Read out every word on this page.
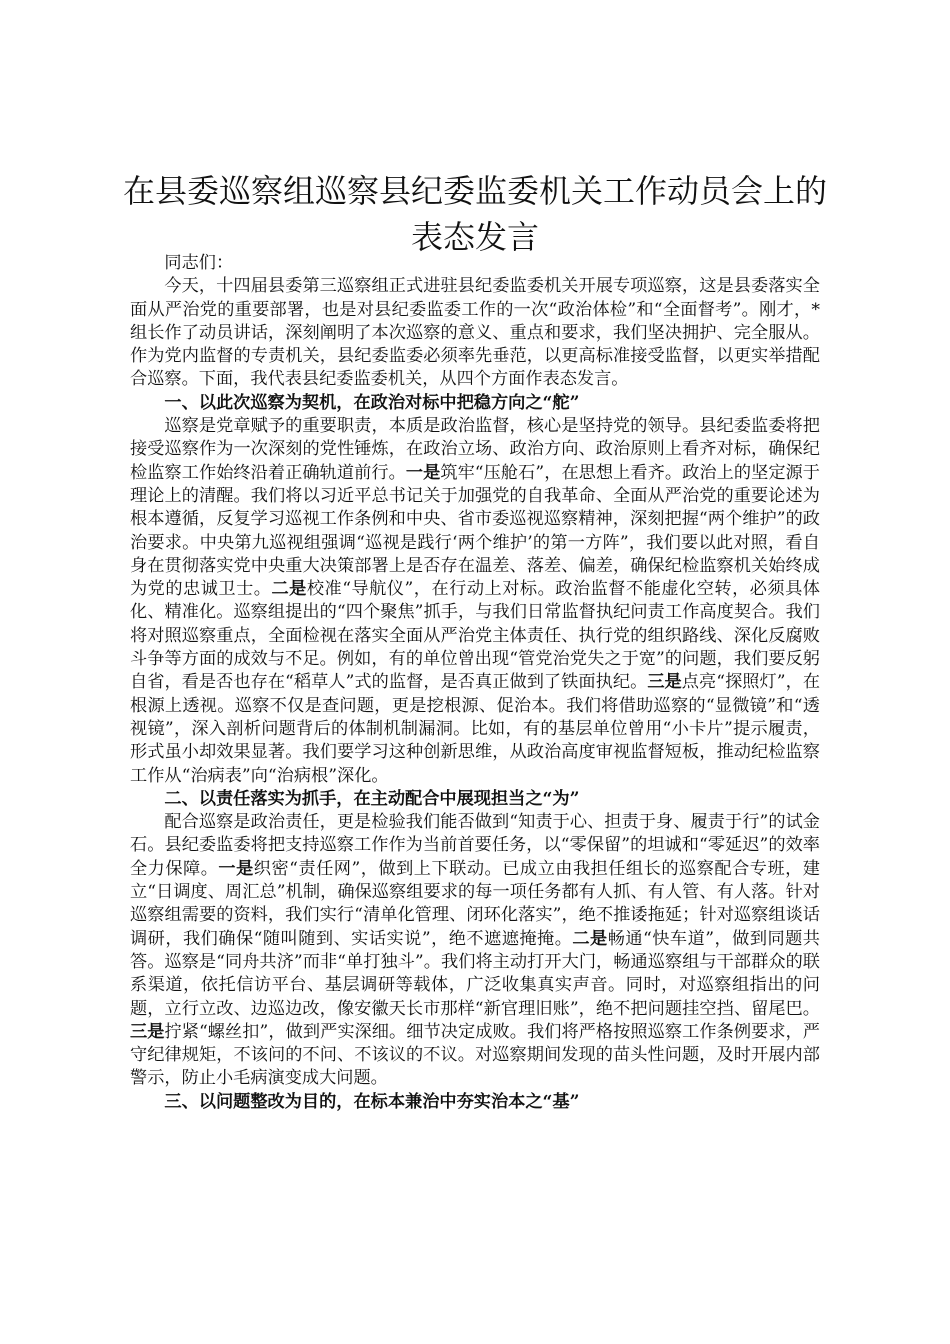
在县委巡察组巡察县纪委监委机关工作动员会上的表态发言

同志们：

今天，十四届县委第三巡察组正式进驻县纪委监委机关开展专项巡察，这是县委落实全面从严治党的重要部署，也是对县纪委监委工作的一次“政治体检”和“全面督考”。刚才，*组长作了动员讲话，深刻阐明了本次巡察的意义、重点和要求，我们坚决拥护、完全服从。作为党内监督的专责机关，县纪委监委必须率先垂范，以更高标准接受监督，以更实举措配合巡察。下面，我代表县纪委监委机关，从四个方面作表态发言。

一、以此次巡察为契机，在政治对标中把稳方向之“舵”

巡察是党章赋予的重要职责，本质是政治监督，核心是坚持党的领导。县纪委监委将把接受巡察作为一次深刻的党性锤炼，在政治立场、政治方向、政治原则上看齐对标，确保纪检监察工作始终沿着正确轨道前行。一是筑牢“压舱石”，在思想上看齐。政治上的坚定源于理论上的清醒。我们将以习近平总书记关于加强党的自我革命、全面从严治党的重要论述为根本遵循，反复学习巡视工作条例和中央、省市委巡视巡察精神，深刻把握“两个维护”的政治要求。中央第九巡视组强调“巡视是践行‘两个维护’的第一方阵”，我们要以此对照，看自身在贯彻落实党中央重大决策部署上是否存在温差、落差、偏差，确保纪检监察机关始终成为党的忠诚卫士。二是校准“导航仪”，在行动上对标。政治监督不能虚化空转，必须具体化、精准化。巡察组提出的“四个聚焦”抓手，与我们日常监督执纪问责工作高度契合。我们将对照巡察重点，全面检视在落实全面从严治党主体责任、执行党的组织路线、深化反腐败斗争等方面的成效与不足。例如，有的单位曾出现“管党治党失之于宽”的问题，我们要反躬自省，看是否也存在“稻草人”式的监督，是否真正做到了铁面执纪。三是点亮“探照灯”，在根源上透视。巡察不仅是查问题，更是挖根源、促治本。我们将借助巡察的“显微镜”和“透视镜”，深入剖析问题背后的体制机制漏洞。比如，有的基层单位曾用“小卡片”提示履责，形式虽小却效果显著。我们要学习这种创新思维，从政治高度审视监督短板，推动纪检监察工作从“治病表”向“治病根”深化。

二、以责任落实为抓手，在主动配合中展现担当之“为”

配合巡察是政治责任，更是检验我们能否做到“知责于心、担责于身、履责于行”的试金石。县纪委监委将把支持巡察工作作为当前首要任务，以“零保留”的坦诚和“零延迟”的效率全力保障。一是织密“责任网”，做到上下联动。已成立由我担任组长的巡察配合专班，建立“日调度、周汇总”机制，确保巡察组要求的每一项任务都有人抓、有人管、有人落。针对巡察组需要的资料，我们实行“清单化管理、闭环化落实”，绝不推诿拖延；针对巡察组谈话调研，我们确保“随叫随到、实话实说”，绝不遮遮掩掩。二是畅通“快车道”，做到同题共答。巡察是“同舟共济”而非“单打独斗”。我们将主动打开大门，畅通巡察组与干部群众的联系渠道，依托信访平台、基层调研等载体，广泛收集真实声音。同时，对巡察组指出的问题，立行立改、边巡边改，像安徽天长市那样“新官理旧账”，绝不把问题挂空挡、留尾巴。三是拧紧“螺丝扣”，做到严实深细。细节决定成败。我们将严格按照巡察工作条例要求，严守纪律规矩，不该问的不问、不该议的不议。对巡察期间发现的苗头性问题，及时开展内部警示，防止小毛病演变成大问题。

三、以问题整改为目的，在标本兼治中夯实治本之“基”
